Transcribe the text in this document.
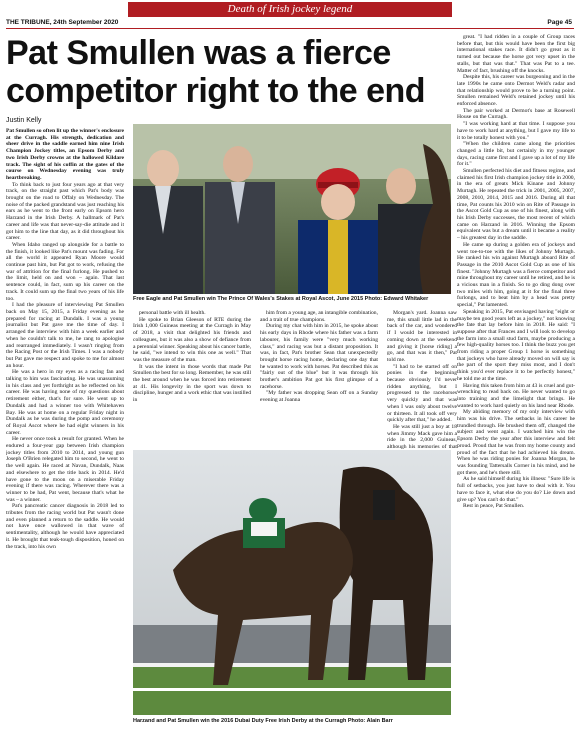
Death of Irish jockey legend
THE TRIBUNE, 24th September 2020	Page 45
Pat Smullen was a fierce competitor right to the end
Justin Kelly

Pat Smullen so often lit up the winner's enclosure at the Curragh. His strength, dedication and sheer drive in the saddle earned him nine Irish Champion Jockey titles, an Epsom Derby and two Irish Derby crowns at the hallowed Kildare track. The sight of his coffin at the gates of the course on Wednesday evening was truly heartbreaking.

To think back to just four years ago at that very track, on the straight past which Pat's body was brought on the road to Offaly on Wednesday. The noise of the packed grandstand was just reaching his ears as he went to the front early on Epsom hero Harzand in the Irish Derby. A hallmark of Pat's career and life was that never-say-die attitude and it got him to the line that day, as it did throughout his career.

When Idaho ranged up alongside for a battle to the finish, it looked like Pat's mount was fading. For all the world it appeared Ryan Moore would continue past him, but Pat got to work, refusing the war of attrition for the final furlong. He pushed to the limit, held on and won – again. That last sentence could, in fact, sum up his career on the track. It could sum up the final two years of his life too.

I had the pleasure of interviewing Pat Smullen back on May 15, 2015, a Friday evening as he prepared for racing at Dundalk. I was a young journalist but Pat gave me the time of day. I arranged the interview with him a week earlier and when he couldn't talk to me, he rang to apologise and rearranged immediately. I wasn't ringing from the Racing Post or the Irish Times. I was a nobody but Pat gave me respect and spoke to me for almost an hour.

He was a hero in my eyes as a racing fan and talking to him was fascinating. He was unassuming in his class and yet forthright as he reflected on his career. He was having none of my questions about retirement either, that's for sure. He went up to Dundalk and had a winner too with Whitehaven Bay. He was at home on a regular Friday night in Dundalk as he was during the pomp and ceremony of Royal Ascot where he had eight winners in his career.

He never once took a result for granted. When he endured a four-year gap between Irish champion jockey titles from 2010 to 2014, and young gun Joseph O'Brien relegated him to second, he went to the well again. He raced at Navan, Dundalk, Naas and elsewhere to get the title back in 2014. He'd have gone to the moon on a miserable Friday evening if there was racing. Wherever there was a winner to be had, Pat went, because that's what he was – a winner.

Pat's pancreatic cancer diagnosis in 2018 led to tributes from the racing world but Pat wasn't done and even planned a return to the saddle. He would not have once wallowed in that wave of sentimentality, although he would have appreciated it. He brought that teak-tough disposition, honed on the track, into his own

Free Eagle and Pat Smullen win The Prince Of Wales's Stakes at Royal Ascot, June 2015 Photo: Edward Whitaker

personal battle with ill health.

He spoke to Brian Gleeson of RTE during the Irish 1,000 Guineas meeting at the Curragh in May of 2018, a visit that delighted his friends and colleagues, but it was also a show of defiance from a perennial winner. Speaking about his cancer battle, he said, "we intend to win this one as well." That was the measure of the man.

It was the intent in those words that made Pat Smullen the best for so long. Remember, he was still the best around when he was forced into retirement at 41. His longevity in the sport was down to discipline, hunger and a work ethic that was instilled in

him from a young age, an intangible combination, and a trait of true champions.

During my chat with him in 2015, he spoke about his early days in Rhode where his father was a farm labourer, his family were "very much working class," and racing was but a distant proposition. It was, in fact, Pat's brother Sean that unexpectedly brought horse racing home, declaring one day that he wanted to work with horses. Pat described this as "fairly out of the blue" but it was through his brother's ambition Pat got his first glimpse of a racehorse.

"My father was dropping Sean off on a Sunday evening at Joanna

Morgan's yard. Joanna saw me, this small little lad in the back of the car, and wondered if I would be interested in coming down at the weekend and giving it [horse riding] a go, and that was it then," Pat told me.

"I had to be started off on ponies in the beginning because obviously I'd never ridden anything, but I progressed to the racehorses very quickly and that was when I was only about twelve or thirteen. It all took off very quickly after that," he added.

He was still just a boy at 18 when Jimmy Mack gave him a ride in the 2,000 Guineas, although his memories of that

Harzand and Pat Smullen win the 2016 Dubai Duty Free Irish Derby at the Curragh Photo: Alain Barr

great. "I had ridden in a couple of Group races before that, but this would have been the first big international stakes race. It didn't go great as it turned out because the horse got very upset in the stalls, but that was that." That was Pat to a tee. Matter of fact, brushing off the knocks.

Despite this, his career was burgeoning and in the late 1990s he came onto Dermot Weld's radar and that relationship would prove to be a turning point. Smullen remained Weld's retained jockey until his enforced absence.

The pair worked at Dermot's base at Rosewell House on the Curragh.

"I was working hard at that time. I suppose you have to work hard at anything, but I gave my life to it to be totally honest with you."

"When the children came along the priorities changed a little bit, but certainly in my younger days, racing came first and I gave up a lot of my life for it."

Smullen perfected his diet and fitness regime, and claimed his first Irish champion jockey title in 2000, in the era of greats Mick Kinane and Johnny Murtagh. He repeated the trick in 2001, 2005, 2007, 2008, 2010, 2014, 2015 and 2016. During all that time, Pat counts his 2010 win on Rite of Passage in the Ascot Gold Cup as one of his finest, along with his Irish Derby successes, the most recent of which came on Harzand in 2016. Winning the Epsom equivalent was but a dream until it became a reality – his greatest day in the saddle.

He came up during a golden era of jockeys and went toe-to-toe with the likes of Johnny Murtagh. He ranked his win against Murtagh aboard Rite of Passage in the 2010 Ascot Gold Cup as one of his finest. "Johnny Murtagh was a fierce competitor and mine throughout my career until he retired, and he is a vicious man in a finish. So to go ding dong over two miles with him, going at it for the final three furlongs, and to beat him by a head was pretty special," Pat lamented.

Speaking in 2015, Pat envisaged having "eight or maybe ten good years left as a jockey," not knowing the fate that lay before him in 2018. He said: "I suppose after that Frances and I will look to develop the farm into a small stud farm, maybe producing a few high-quality horses too. I think the buzz you get from riding a proper Group 1 horse is something that jockeys who have already moved on will say is the part of the sport they miss most, and I don't think you'd ever replace it to be perfectly honest," he told me at the time.

Having this taken from him at 43 is cruel and gut-wrenching to read back on. He never wanted to go into training and the limelight that brings. He wanted to work hard quietly on his land near Rhode.

My abiding memory of my only interview with him was his drive. The setbacks in his career he trundled through. He brushed them off, changed the subject and went again. I watched him win the Epsom Derby the year after this interview and felt proud. Proud that he was from my home county and proud of the fact that he had achieved his dream. When he was riding ponies for Joanna Morgan, he was founding Tattersalls Corner in his mind, and he got there, and he's there still.

As he said himself during his illness: "Sure life is full of setbacks, you just have to deal with it. You have to face it, what else do you do? Lie down and give up? You can't do that."

Rest in peace, Pat Smullen.
